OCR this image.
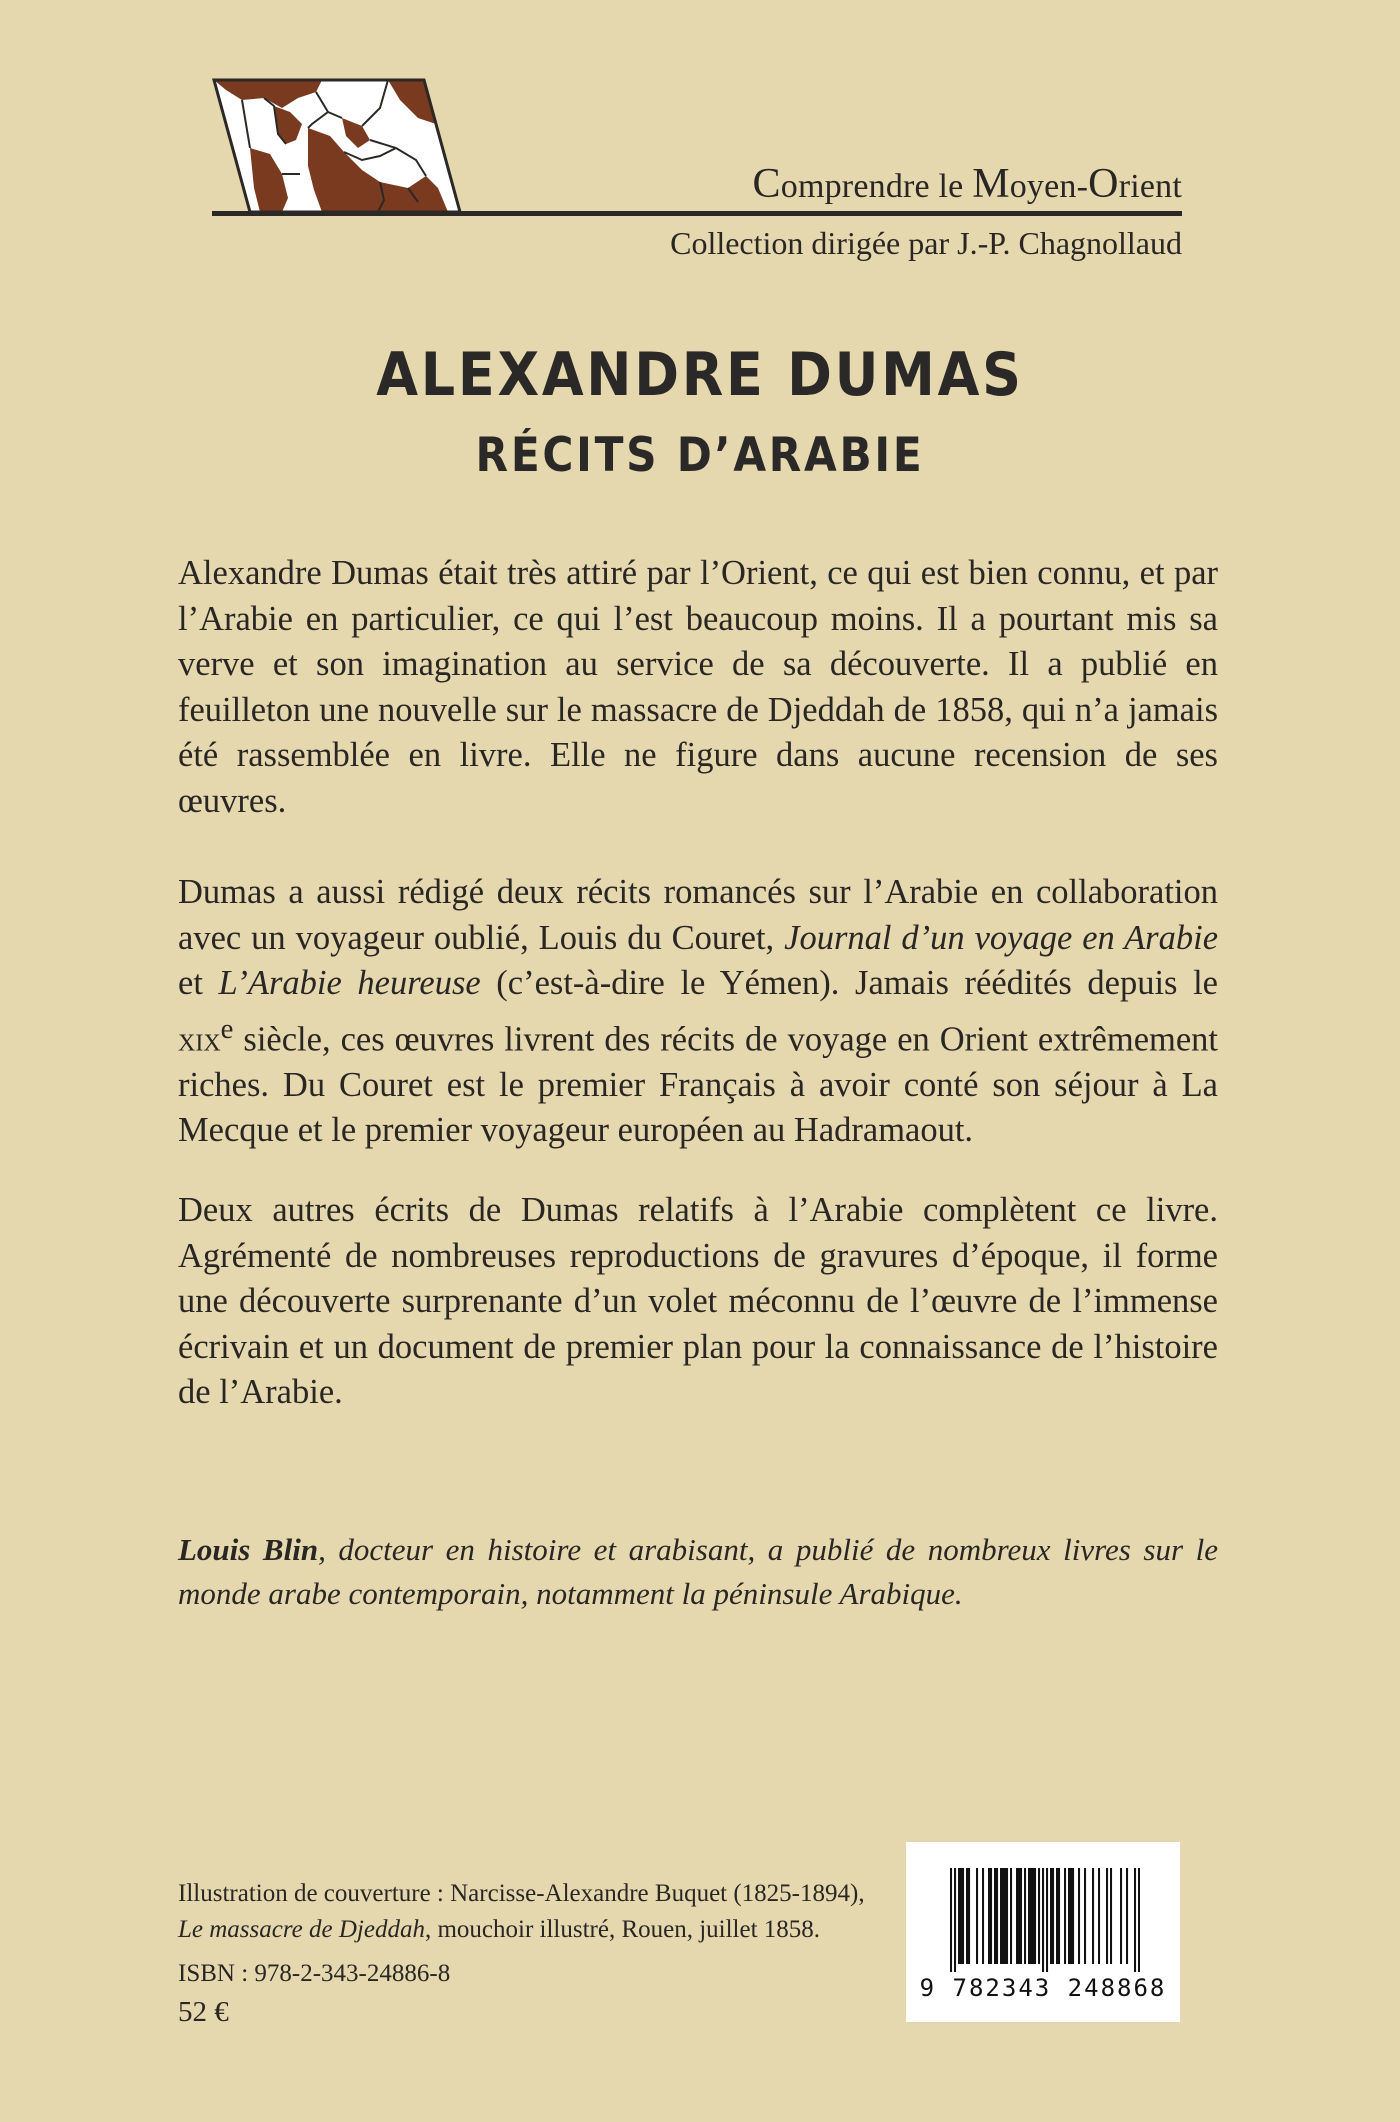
Comprendre le Moyen-Orient
Collection dirigée par J.-P. Chagnollaud
ALEXANDRE DUMAS
RÉCITS D’ARABIE

Alexandre Dumas était très attiré par l’Orient, ce qui est bien connu, et par l’Arabie en particulier, ce qui l’est beaucoup moins. Il a pourtant mis sa verve et son imagination au service de sa découverte. Il a publié en feuilleton une nouvelle sur le massacre de Djeddah de 1858, qui n’a jamais été rassemblée en livre. Elle ne figure dans aucune recension de ses œuvres.

Dumas a aussi rédigé deux récits romancés sur l’Arabie en collaboration avec un voyageur oublié, Louis du Couret, Journal d’un voyage en Arabie et L’Arabie heureuse (c’est-à-dire le Yémen). Jamais réédités depuis le xix$^e$ siècle, ces œuvres livrent des récits de voyage en Orient extrêmement riches. Du Couret est le premier Français à avoir conté son séjour à La Mecque et le premier voyageur européen au Hadramaout.

Deux autres écrits de Dumas relatifs à l’Arabie complètent ce livre. Agrémenté de nombreuses reproductions de gravures d’époque, il forme une découverte surprenante d’un volet méconnu de l’œuvre de l’immense écrivain et un document de premier plan pour la connaissance de l’histoire de l’Arabie.

Louis Blin, docteur en histoire et arabisant, a publié de nombreux livres sur le monde arabe contemporain, notamment la péninsule Arabique.

Illustration de couverture : Narcisse-Alexandre Buquet (1825-1894),
Le massacre de Djeddah, mouchoir illustré, Rouen, juillet 1858.
ISBN : 978-2-343-24886-8
52 €
9 782343 248868
